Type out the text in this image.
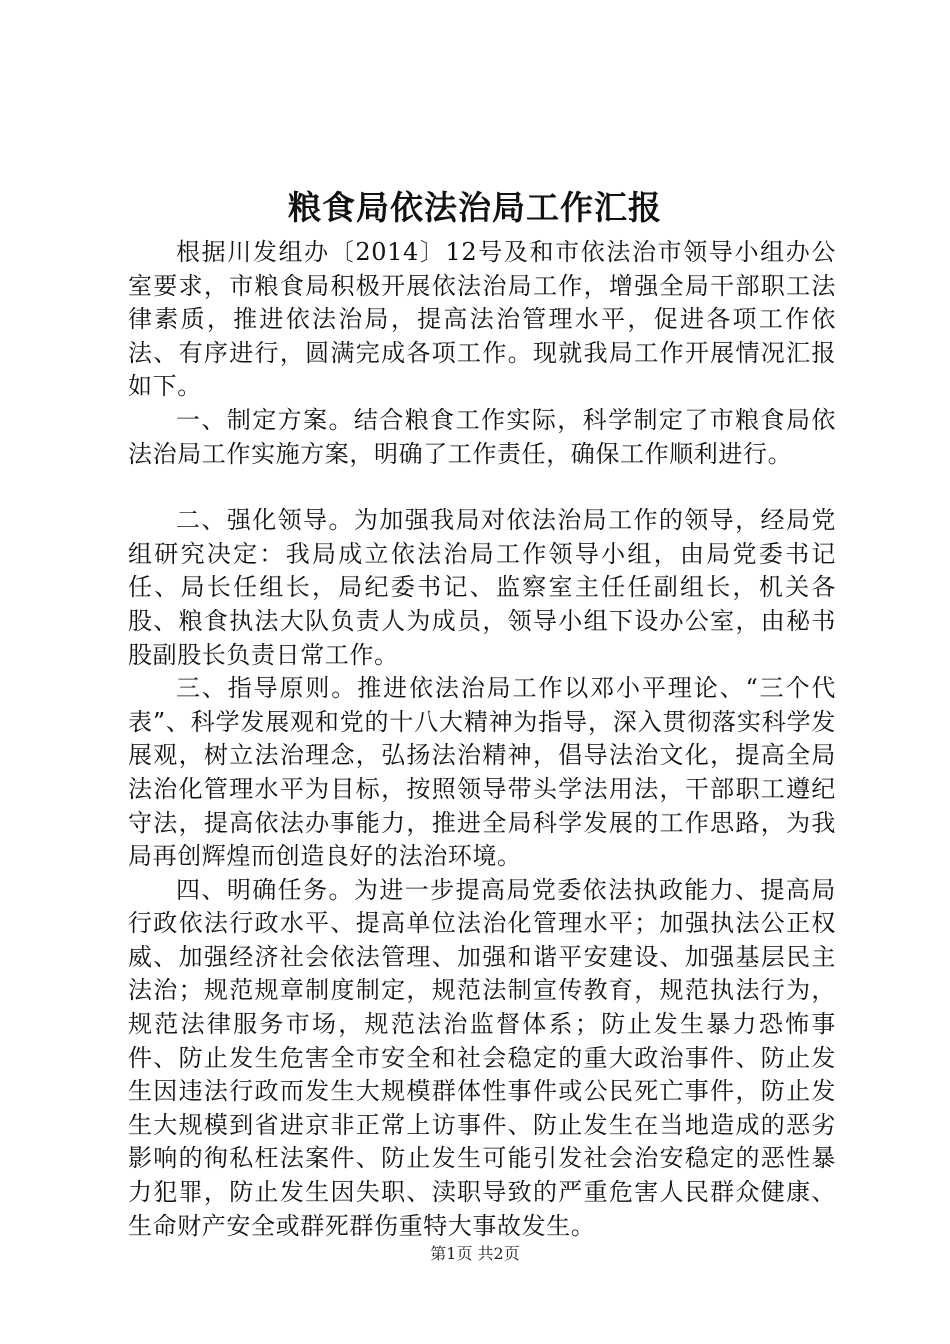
粮食局依法治局工作汇报

根据川发组办〔2014〕12号及和市依法治市领导小组办公室要求，市粮食局积极开展依法治局工作，增强全局干部职工法律素质，推进依法治局，提高法治管理水平，促进各项工作依法、有序进行，圆满完成各项工作。现就我局工作开展情况汇报如下。

一、制定方案。结合粮食工作实际，科学制定了市粮食局依法治局工作实施方案，明确了工作责任，确保工作顺利进行。

二、强化领导。为加强我局对依法治局工作的领导，经局党组研究决定：我局成立依法治局工作领导小组，由局党委书记任、局长任组长，局纪委书记、监察室主任任副组长，机关各股、粮食执法大队负责人为成员，领导小组下设办公室，由秘书股副股长负责日常工作。

三、指导原则。推进依法治局工作以邓小平理论、“三个代表”、科学发展观和党的十八大精神为指导，深入贯彻落实科学发展观，树立法治理念，弘扬法治精神，倡导法治文化，提高全局法治化管理水平为目标，按照领导带头学法用法，干部职工遵纪守法，提高依法办事能力，推进全局科学发展的工作思路，为我局再创辉煌而创造良好的法治环境。

四、明确任务。为进一步提高局党委依法执政能力、提高局行政依法行政水平、提高单位法治化管理水平；加强执法公正权威、加强经济社会依法管理、加强和谐平安建设、加强基层民主法治；规范规章制度制定，规范法制宣传教育，规范执法行为，规范法律服务市场，规范法治监督体系；防止发生暴力恐怖事件、防止发生危害全市安全和社会稳定的重大政治事件、防止发生因违法行政而发生大规模群体性事件或公民死亡事件，防止发生大规模到省进京非正常上访事件、防止发生在当地造成的恶劣影响的徇私枉法案件、防止发生可能引发社会治安稳定的恶性暴力犯罪，防止发生因失职、渎职导致的严重危害人民群众健康、生命财产安全或群死群伤重特大事故发生。

第1页 共2页
